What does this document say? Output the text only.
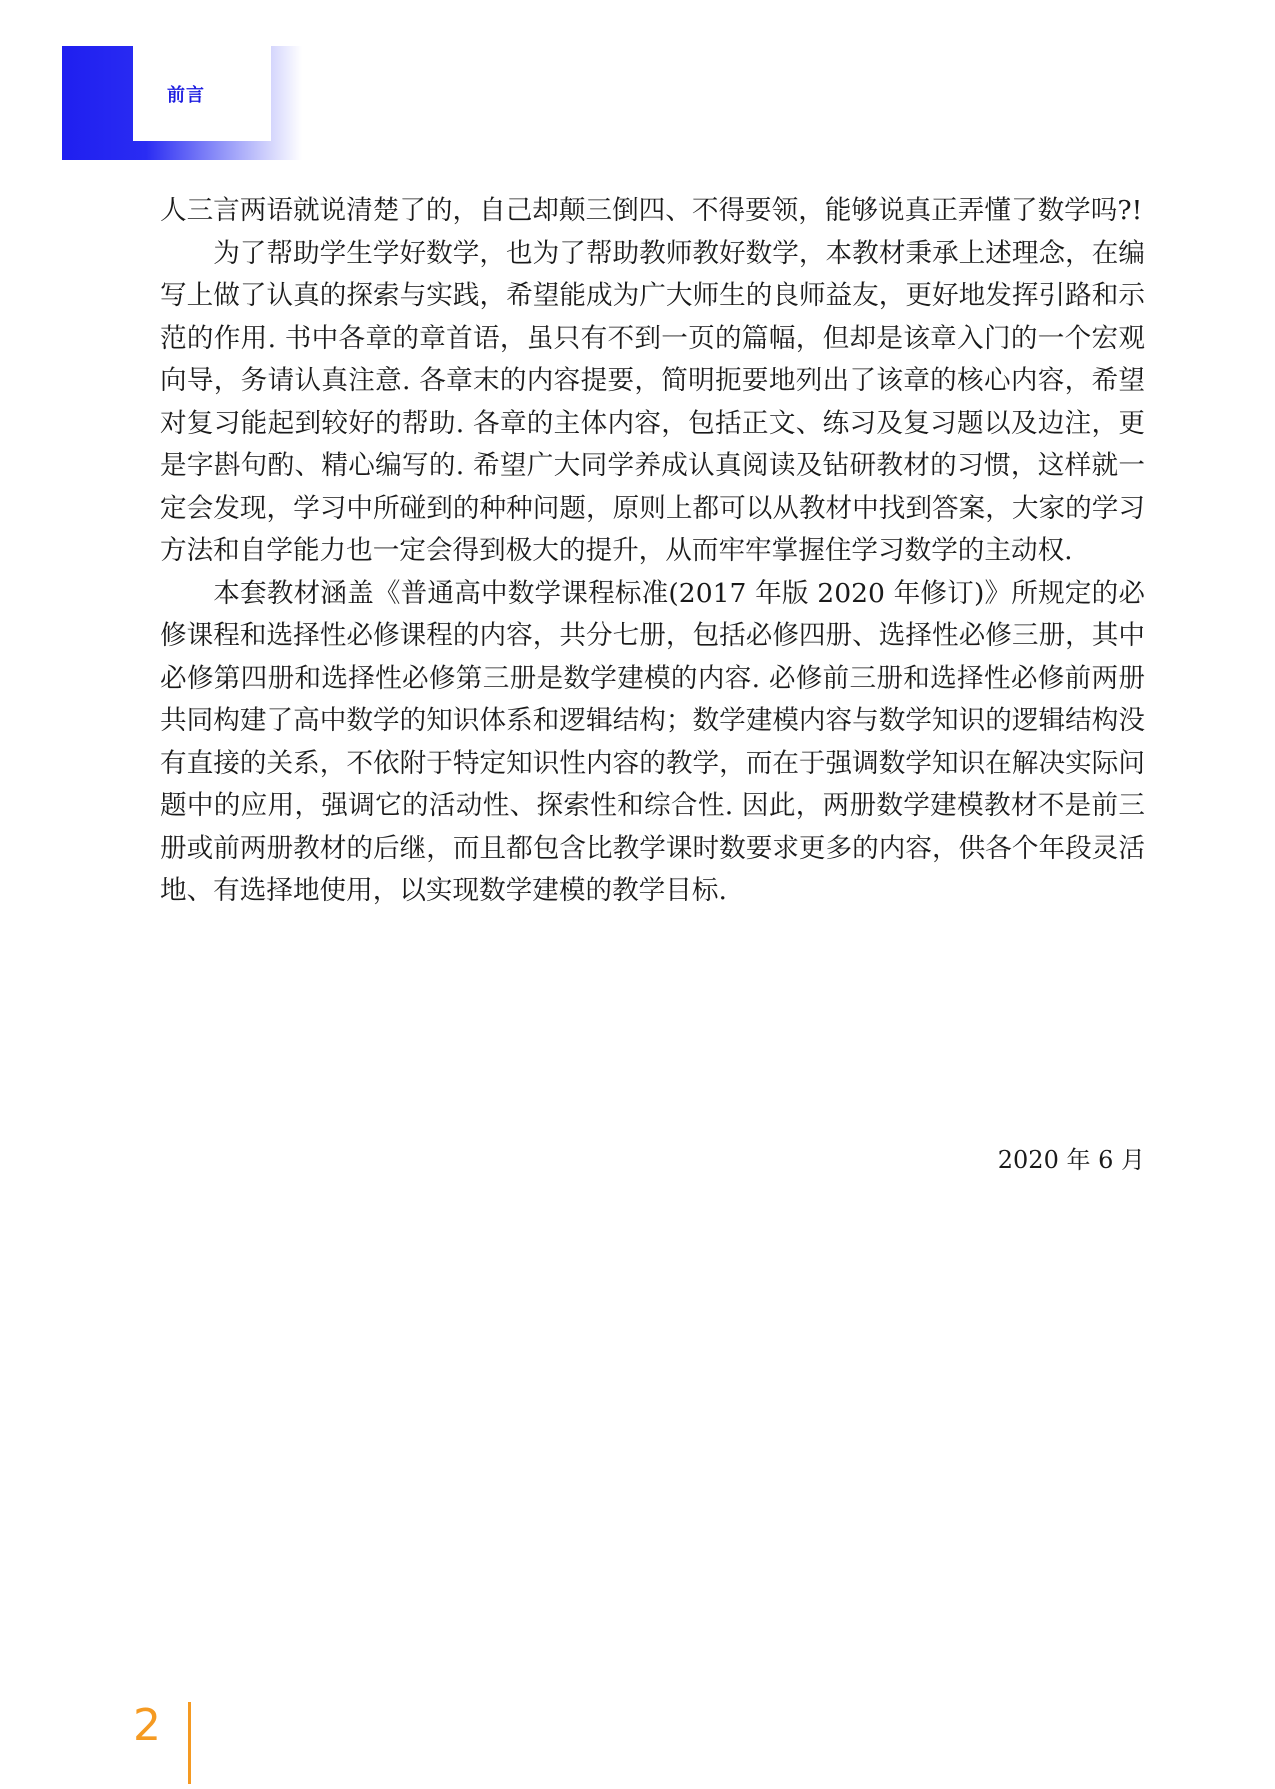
前言

人三言两语就说清楚了的，自己却颠三倒四、不得要领，能够说真正弄懂了数学吗?!

为了帮助学生学好数学，也为了帮助教师教好数学，本教材秉承上述理念，在编写上做了认真的探索与实践，希望能成为广大师生的良师益友，更好地发挥引路和示范的作用. 书中各章的章首语，虽只有不到一页的篇幅，但却是该章入门的一个宏观向导，务请认真注意. 各章末的内容提要，简明扼要地列出了该章的核心内容，希望对复习能起到较好的帮助. 各章的主体内容，包括正文、练习及复习题以及边注，更是字斟句酌、精心编写的. 希望广大同学养成认真阅读及钻研教材的习惯，这样就一定会发现，学习中所碰到的种种问题，原则上都可以从教材中找到答案，大家的学习方法和自学能力也一定会得到极大的提升，从而牢牢掌握住学习数学的主动权.

本套教材涵盖《普通高中数学课程标准(2017 年版 2020 年修订)》所规定的必修课程和选择性必修课程的内容，共分七册，包括必修四册、选择性必修三册，其中必修第四册和选择性必修第三册是数学建模的内容. 必修前三册和选择性必修前两册共同构建了高中数学的知识体系和逻辑结构；数学建模内容与数学知识的逻辑结构没有直接的关系，不依附于特定知识性内容的教学，而在于强调数学知识在解决实际问题中的应用，强调它的活动性、探索性和综合性. 因此，两册数学建模教材不是前三册或前两册教材的后继，而且都包含比教学课时数要求更多的内容，供各个年段灵活地、有选择地使用，以实现数学建模的教学目标.

2020 年 6 月
2
